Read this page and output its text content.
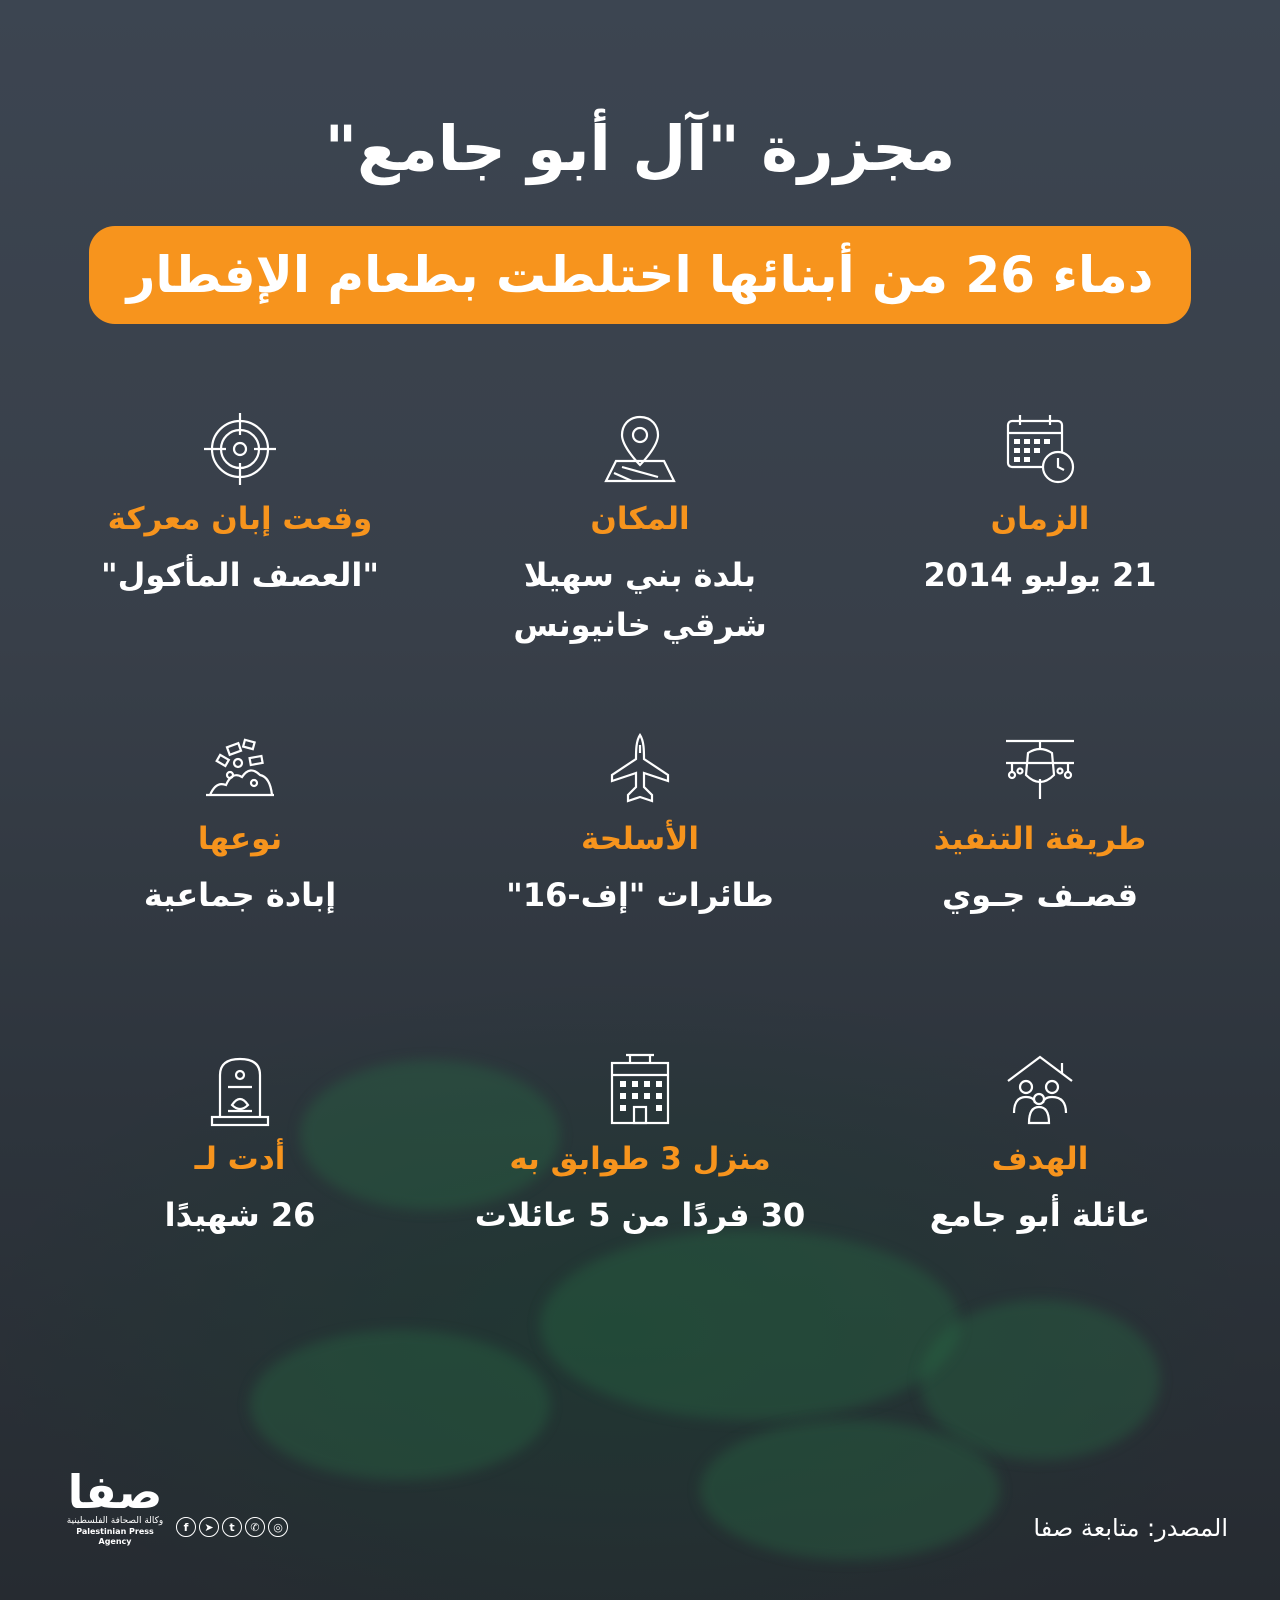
مجزرة "آل أبو جامع"
دماء 26 من أبنائها اختلطت بطعام الإفطار
الزمان
21 يوليو 2014
المكان
بلدة بني سهيلا
شرقي خانيونس
وقعت إبان معركة
"العصف المأكول"
طريقة التنفيذ
قصـف جـوي
الأسلحة
طائرات "إف-16"
نوعها
إبادة جماعية
الهدف
عائلة أبو جامع
منزل 3 طوابق به
30 فردًا من 5 عائلات
أدت لـ
26 شهيدًا
صفا
وكالة الصحافة الفلسطينية
Palestinian Press Agency
f	➤	t	✆	◎	المصدر: متابعة صفا
